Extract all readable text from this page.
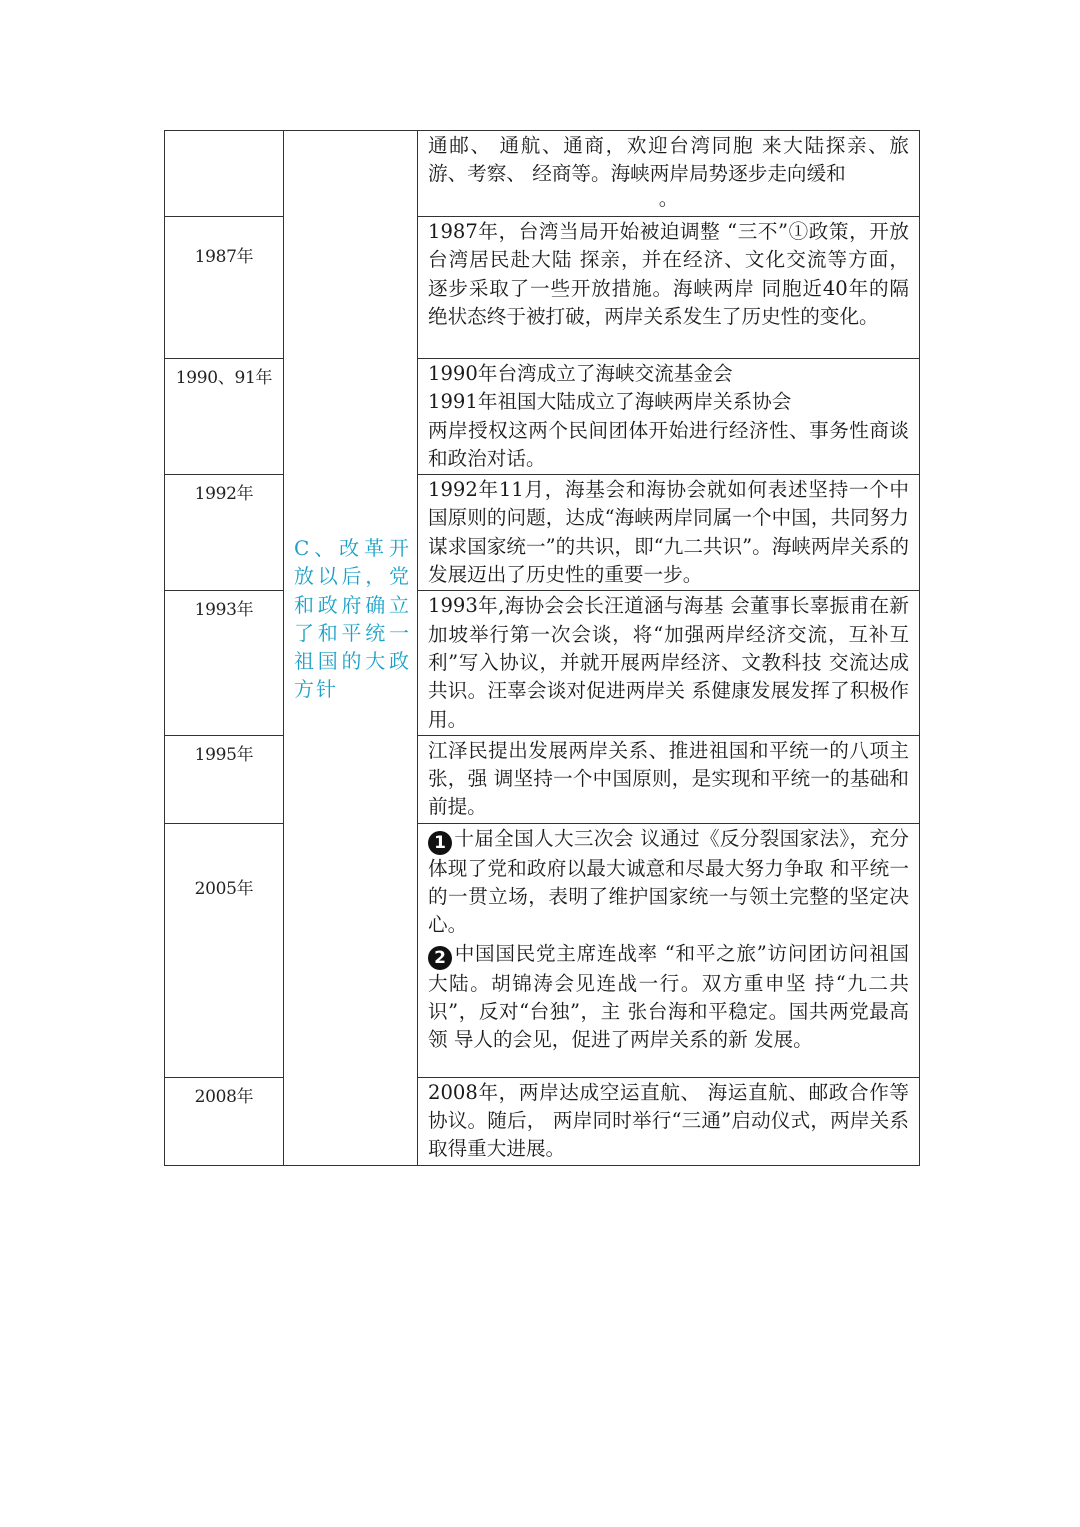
	C、改革开放以后，党和政府确立了和平统一祖国的大政方针	通邮、 通航、通商，欢迎台湾同胞 来大陆探亲、旅游、考察、 经商等。海峡两岸局势逐步走向缓和
。

1987年		1987年，台湾当局开始被迫调整 “三不”①政策，开放台湾居民赴大陆 探亲，并在经济、文化交流等方面， 逐步采取了一些开放措施。海峡两岸 同胞近40年的隔绝状态终于被打破，两岸关系发生了历史性的变化。

1990、91年		1990年台湾成立了海峡交流基金会
1991年祖国大陆成立了海峡两岸关系协会
两岸授权这两个民间团体开始进行经济性、事务性商谈和政治对话。

1992年		1992年11月，海基会和海协会就如何表述坚持一个中国原则的问题，达成“海峡两岸同属一个中国，共同努力谋求国家统一”的共识，即“九二共识”。海峡两岸关系的发展迈出了历史性的重要一步。

1993年		1993年,海协会会长汪道涵与海基 会董事长辜振甫在新加坡举行第一次会谈，将“加强两岸经济交流，互补互利”写入协议，并就开展两岸经济、文教科技 交流达成共识。汪辜会谈对促进两岸关 系健康发展发挥了积极作用。

1995年		江泽民提出发展两岸关系、推进祖国和平统一的八项主张，强 调坚持一个中国原则，是实现和平统一的基础和前提。

2005年		1 十届全国人大三次会 议通过《反分裂国家法》，充分体现了党和政府以最大诚意和尽最大努力争取 和平统一的一贯立场，表明了维护国家统一与领土完整的坚定决心。
2 中国国民党主席连战率 “和平之旅”访问团访问祖国大陆。胡锦涛会见连战一行。双方重申坚 持“九二共识”，反对“台独”，主 张台海和平稳定。国共两党最高领 导人的会见，促进了两岸关系的新 发展。

2008年		2008年，两岸达成空运直航、 海运直航、邮政合作等协议。随后， 两岸同时举行“三通”启动仪式，两岸关系取得重大进展。
